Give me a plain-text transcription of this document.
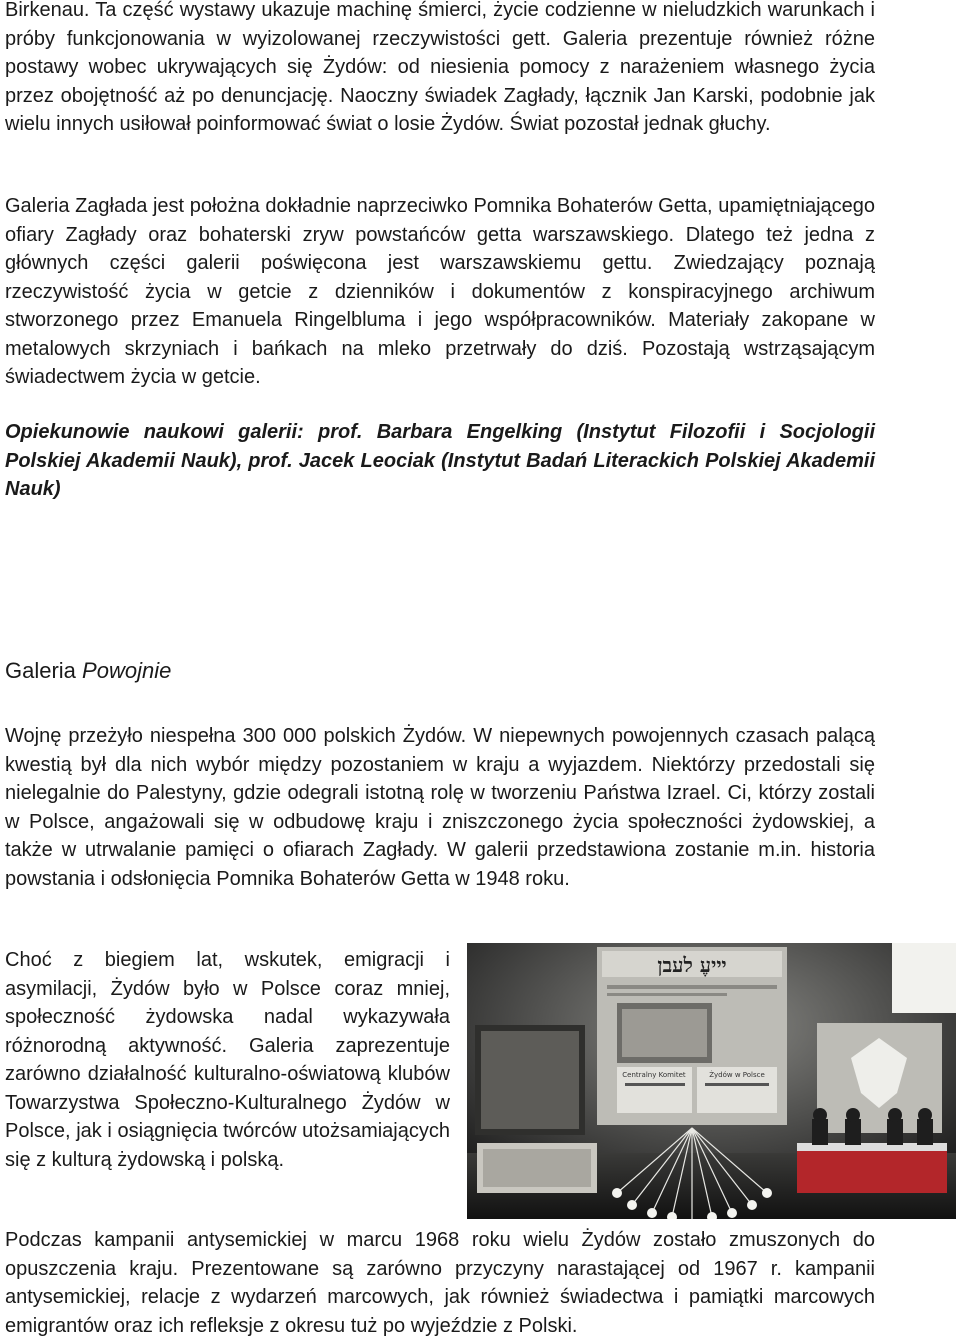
Birkenau. Ta część wystawy ukazuje machinę śmierci, życie codzienne w nieludzkich warunkach i próby funkcjonowania w wyizolowanej rzeczywistości gett. Galeria prezentuje również różne postawy wobec ukrywających się Żydów: od niesienia pomocy z narażeniem własnego życia przez obojętność aż po denuncjację. Naoczny świadek Zagłady, łącznik Jan Karski, podobnie jak wielu innych usiłował poinformować świat o losie Żydów. Świat pozostał jednak głuchy.

Galeria Zagłada jest położna dokładnie naprzeciwko Pomnika Bohaterów Getta, upamiętniającego ofiary Zagłady oraz bohaterski zryw powstańców getta warszawskiego. Dlatego też jedna z głównych części galerii poświęcona jest warszawskiemu gettu. Zwiedzający poznają rzeczywistość życia w getcie z dzienników i dokumentów z konspiracyjnego archiwum stworzonego przez Emanuela Ringelbluma i jego współpracowników. Materiały zakopane w metalowych skrzyniach i bańkach na mleko przetrwały do dziś. Pozostają wstrząsającym świadectwem życia w getcie.

Opiekunowie naukowi galerii: prof. Barbara Engelking (Instytut Filozofii i Socjologii Polskiej Akademii Nauk), prof. Jacek Leociak (Instytut Badań Literackich Polskiej Akademii Nauk)

Galeria Powojnie

Wojnę przeżyło niespełna 300 000 polskich Żydów. W niepewnych powojennych czasach palącą kwestią był dla nich wybór między pozostaniem w kraju a wyjazdem. Niektórzy przedostali się nielegalnie do Palestyny, gdzie odegrali istotną rolę w tworzeniu Państwa Izrael. Ci, którzy zostali w Polsce, angażowali się w odbudowę kraju i zniszczonego życia społeczności żydowskiej, a także w utrwalanie pamięci o ofiarach Zagłady. W galerii przedstawiona zostanie m.in. historia powstania i odsłonięcia Pomnika Bohaterów Getta w 1948 roku.

Choć z biegiem lat, wskutek, emigracji i asymilacji, Żydów było w Polsce coraz mniej, społeczność żydowska nadal wykazywała różnorodną aktywność. Galeria zaprezentuje zarówno działalność kulturalno-oświatową klubów Towarzystwa Społeczno-Kulturalnego Żydów w Polsce, jak i osiągnięcia twórców utożsamiających się z kulturą żydowską i polską.

Podczas kampanii antysemickiej w marcu 1968 roku wielu Żydów zostało zmuszonych do opuszczenia kraju. Prezentowane są zarówno przyczyny narastającej od 1967 r. kampanii antysemickiej, relacje z wydarzeń marcowych, jak również świadectwa i pamiątki marcowych emigrantów oraz ich refleksje z okresu tuż po wyjeździe z Polski.

ײיעֶ לעבן
Centralny Komitet	Żydów w Polsce
